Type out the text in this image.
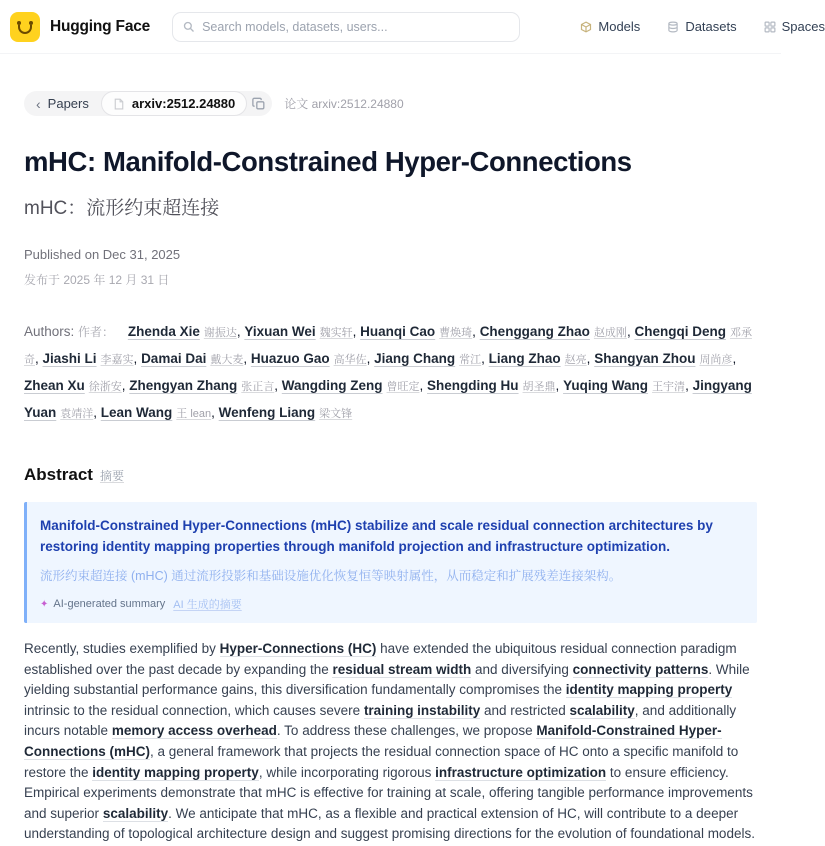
Hugging Face
Search models, datasets, users...	Models	Datasets	Spaces
‹ Papers	arxiv:2512.24880	论文 arxiv:2512.24880
mHC: Manifold-Constrained Hyper-Connections
mHC：流形约束超连接
Published on Dec 31, 2025
发布于 2025 年 12 月 31 日
Authors: 作者： Zhenda Xie 谢振达, Yixuan Wei 魏实轩, Huanqi Cao 曹焕琦, Chenggang Zhao 赵成刚, Chengqi Deng 邓承奇, Jiashi Li 李嘉实, Damai Dai 戴大麦, Huazuo Gao 高华佐, Jiang Chang 常江, Liang Zhao 赵亮, Shangyan Zhou 周尚彦, Zhean Xu 徐浙安, Zhengyan Zhang 张正言, Wangding Zeng 曾旺定, Shengding Hu 胡圣鼎, Yuqing Wang 王宇清, Jingyang Yuan 袁靖洋, Lean Wang 王 lean, Wenfeng Liang 梁文锋
Abstract 摘要
Manifold-Constrained Hyper-Connections (mHC) stabilize and scale residual connection architectures by restoring identity mapping properties through manifold projection and infrastructure optimization.
流形约束超连接 (mHC) 通过流形投影和基础设施优化恢复恒等映射属性，从而稳定和扩展残差连接架构。
✦ AI-generated summary AI 生成的摘要

Recently, studies exemplified by Hyper-Connections (HC) have extended the ubiquitous residual connection paradigm established over the past decade by expanding the residual stream width and diversifying connectivity patterns. While yielding substantial performance gains, this diversification fundamentally compromises the identity mapping property intrinsic to the residual connection, which causes severe training instability and restricted scalability, and additionally incurs notable memory access overhead. To address these challenges, we propose Manifold-Constrained Hyper-Connections (mHC), a general framework that projects the residual connection space of HC onto a specific manifold to restore the identity mapping property, while incorporating rigorous infrastructure optimization to ensure efficiency. Empirical experiments demonstrate that mHC is effective for training at scale, offering tangible performance improvements and superior scalability. We anticipate that mHC, as a flexible and practical extension of HC, will contribute to a deeper understanding of topological architecture design and suggest promising directions for the evolution of foundational models.
